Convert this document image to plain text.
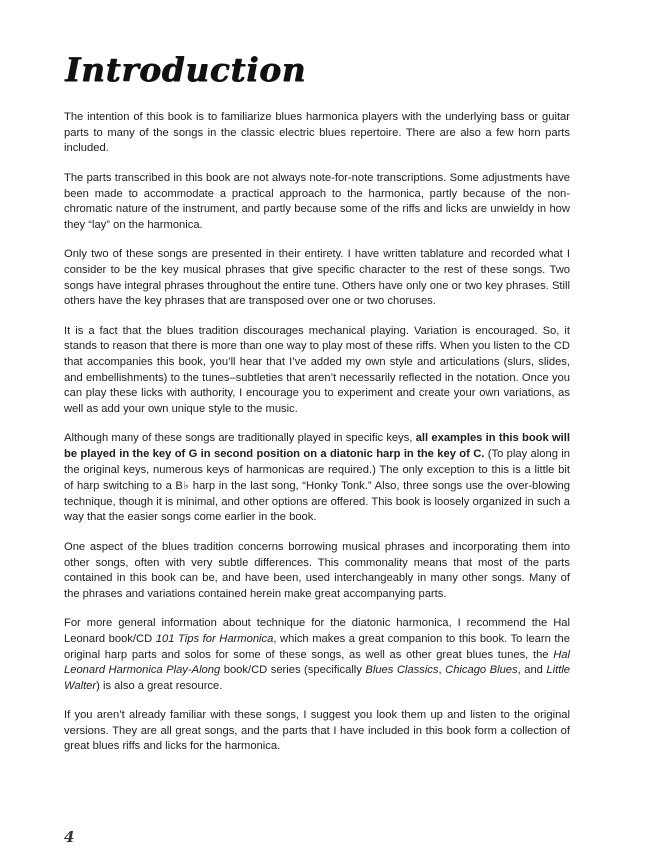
Introduction

The intention of this book is to familiarize blues harmonica players with the underlying bass or guitar parts to many of the songs in the classic electric blues repertoire. There are also a few horn parts included.

The parts transcribed in this book are not always note-for-note transcriptions. Some adjustments have been made to accommodate a practical approach to the harmonica, partly because of the non-chromatic nature of the instrument, and partly because some of the riffs and licks are unwieldy in how they “lay” on the harmonica.

Only two of these songs are presented in their entirety. I have written tablature and recorded what I consider to be the key musical phrases that give specific character to the rest of these songs. Two songs have integral phrases throughout the entire tune. Others have only one or two key phrases. Still others have the key phrases that are transposed over one or two choruses.

It is a fact that the blues tradition discourages mechanical playing. Variation is encouraged. So, it stands to reason that there is more than one way to play most of these riffs. When you listen to the CD that accompanies this book, you’ll hear that I’ve added my own style and articulations (slurs, slides, and embellishments) to the tunes–subtleties that aren’t necessarily reflected in the notation. Once you can play these licks with authority, I encourage you to experiment and create your own variations, as well as add your own unique style to the music.

Although many of these songs are traditionally played in specific keys, all examples in this book will be played in the key of G in second position on a diatonic harp in the key of C. (To play along in the original keys, numerous keys of harmonicas are required.) The only exception to this is a little bit of harp switching to a B♭ harp in the last song, “Honky Tonk.” Also, three songs use the over-blowing technique, though it is minimal, and other options are offered. This book is loosely organized in such a way that the easier songs come earlier in the book.

One aspect of the blues tradition concerns borrowing musical phrases and incorporating them into other songs, often with very subtle differences. This commonality means that most of the parts contained in this book can be, and have been, used interchangeably in many other songs. Many of the phrases and variations contained herein make great accompanying parts.

For more general information about technique for the diatonic harmonica, I recommend the Hal Leonard book/CD 101 Tips for Harmonica, which makes a great companion to this book. To learn the original harp parts and solos for some of these songs, as well as other great blues tunes, the Hal Leonard Harmonica Play-Along book/CD series (specifically Blues Classics, Chicago Blues, and Little Walter) is also a great resource.

If you aren’t already familiar with these songs, I suggest you look them up and listen to the original versions. They are all great songs, and the parts that I have included in this book form a collection of great blues riffs and licks for the harmonica.

4
